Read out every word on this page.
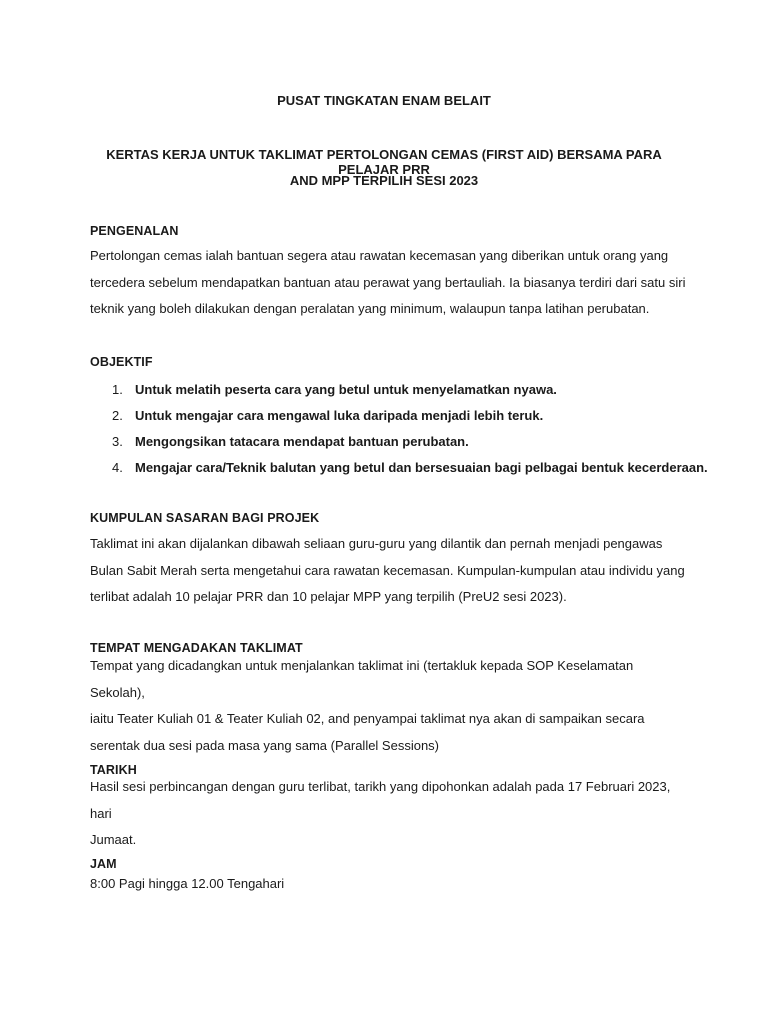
PUSAT TINGKATAN ENAM BELAIT
KERTAS KERJA UNTUK TAKLIMAT PERTOLONGAN CEMAS (FIRST AID) BERSAMA PARA PELAJAR PRR
AND MPP TERPILIH SESI 2023
PENGENALAN
Pertolongan cemas ialah bantuan segera atau rawatan kecemasan yang diberikan untuk orang yang
tercedera sebelum mendapatkan bantuan atau perawat yang bertauliah. Ia biasanya terdiri dari satu siri
teknik yang boleh dilakukan dengan peralatan yang minimum, walaupun tanpa latihan perubatan.
OBJEKTIF
1. Untuk melatih peserta cara yang betul untuk menyelamatkan nyawa.
2. Untuk mengajar cara mengawal luka daripada menjadi lebih teruk.
3. Mengongsikan tatacara mendapat bantuan perubatan.
4. Mengajar cara/Teknik balutan yang betul dan bersesuaian bagi pelbagai bentuk kecerderaan.
KUMPULAN SASARAN BAGI PROJEK
Taklimat ini akan dijalankan dibawah seliaan guru-guru yang dilantik dan pernah menjadi pengawas
Bulan Sabit Merah serta mengetahui cara rawatan kecemasan. Kumpulan-kumpulan atau individu yang
terlibat adalah 10 pelajar PRR dan 10 pelajar MPP yang terpilih (PreU2 sesi 2023).
TEMPAT MENGADAKAN TAKLIMAT
Tempat yang dicadangkan untuk menjalankan taklimat ini (tertakluk kepada SOP Keselamatan Sekolah),
iaitu Teater Kuliah 01 & Teater Kuliah 02, and penyampai taklimat nya akan di sampaikan secara
serentak dua sesi pada masa yang sama (Parallel Sessions)
TARIKH
Hasil sesi perbincangan dengan guru terlibat, tarikh yang dipohonkan adalah pada 17 Februari 2023, hari
Jumaat.
JAM
8:00 Pagi hingga 12.00 Tengahari
